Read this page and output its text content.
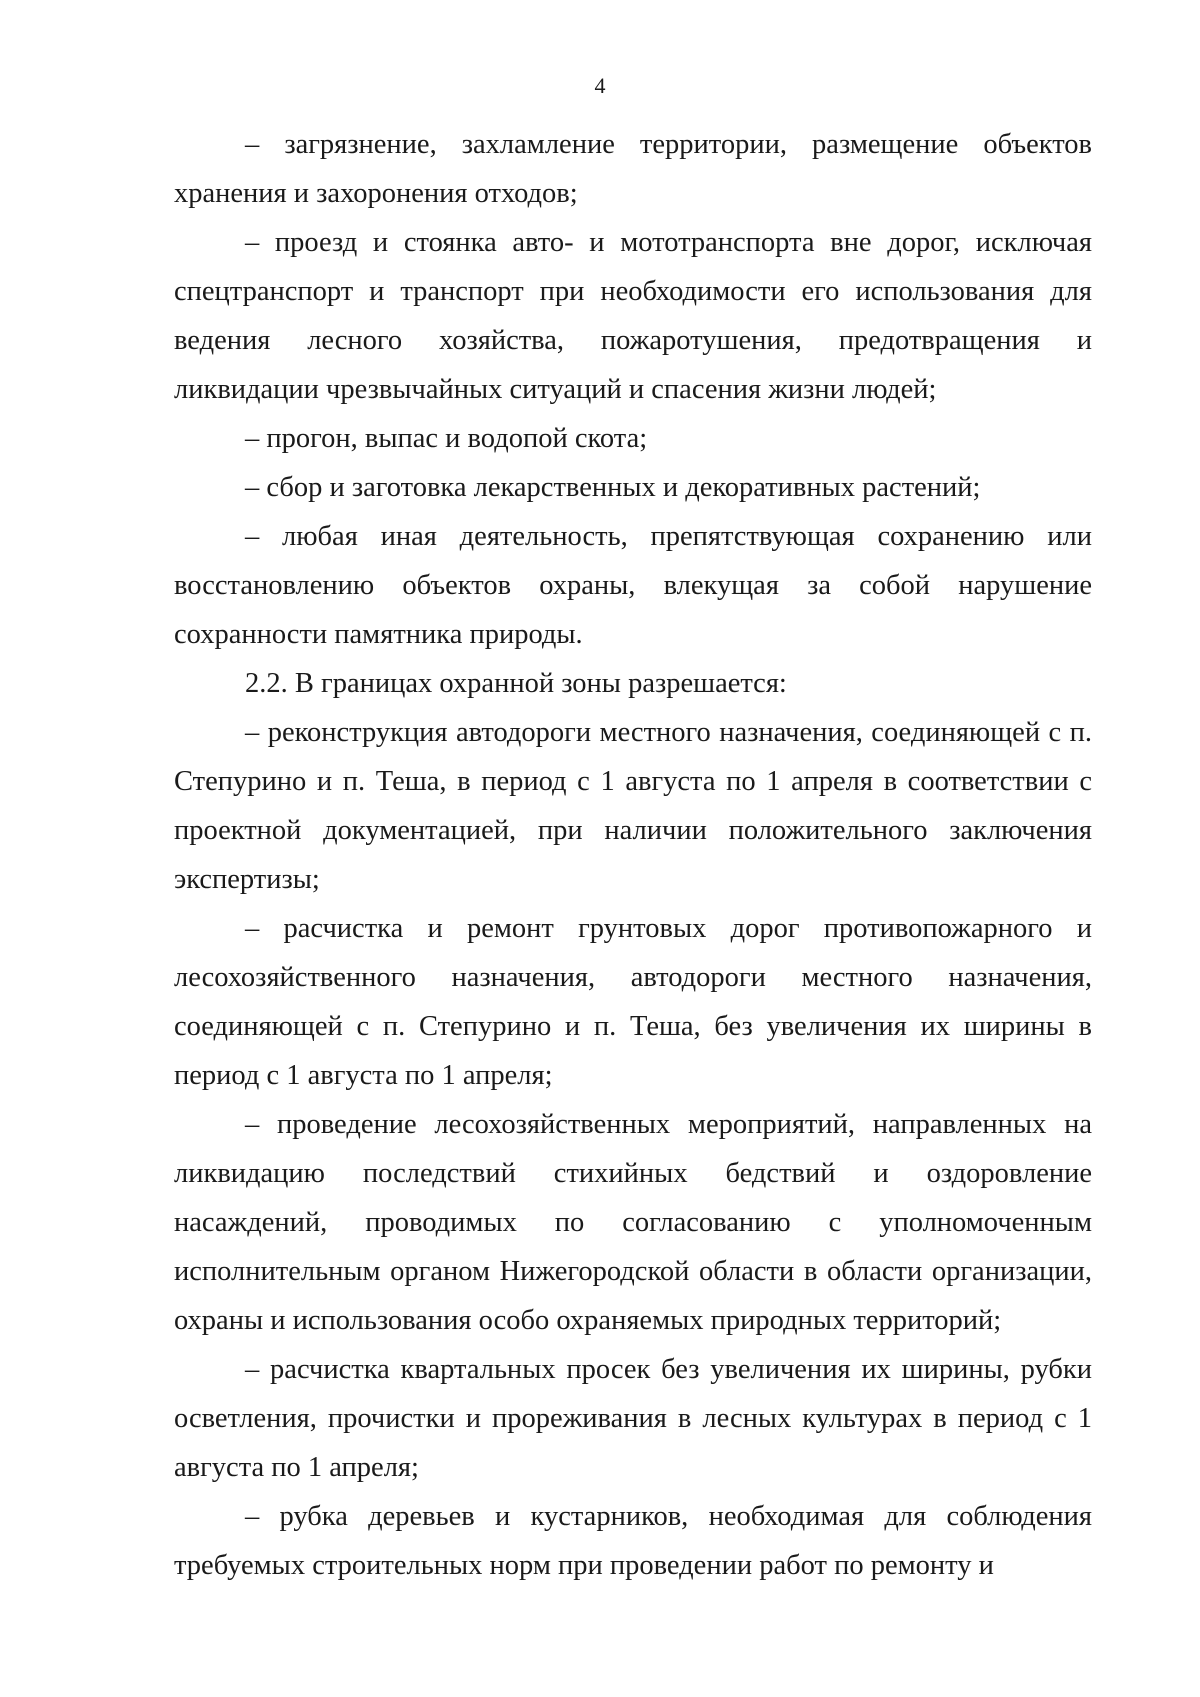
4

– загрязнение, захламление территории, размещение объектов хранения и захоронения отходов;

– проезд и стоянка авто- и мототранспорта вне дорог, исключая спецтранспорт и транспорт при необходимости его использования для ведения лесного хозяйства, пожаротушения, предотвращения и ликвидации чрезвычайных ситуаций и спасения жизни людей;

– прогон, выпас и водопой скота;

– сбор и заготовка лекарственных и декоративных растений;

– любая иная деятельность, препятствующая сохранению или восстановлению объектов охраны, влекущая за собой нарушение сохранности памятника природы.

2.2. В границах охранной зоны разрешается:

– реконструкция автодороги местного назначения, соединяющей с п. Степурино и п. Теша, в период с 1 августа по 1 апреля в соответствии с проектной документацией, при наличии положительного заключения экспертизы;

– расчистка и ремонт грунтовых дорог противопожарного и лесохозяйственного назначения, автодороги местного назначения, соединяющей с п. Степурино и п. Теша, без увеличения их ширины в период с 1 августа по 1 апреля;

– проведение лесохозяйственных мероприятий, направленных на ликвидацию последствий стихийных бедствий и оздоровление насаждений, проводимых по согласованию с уполномоченным исполнительным органом Нижегородской области в области организации, охраны и использования особо охраняемых природных территорий;

– расчистка квартальных просек без увеличения их ширины, рубки осветления, прочистки и прореживания в лесных культурах в период с 1 августа по 1 апреля;

– рубка деревьев и кустарников, необходимая для соблюдения требуемых строительных норм при проведении работ по ремонту и
